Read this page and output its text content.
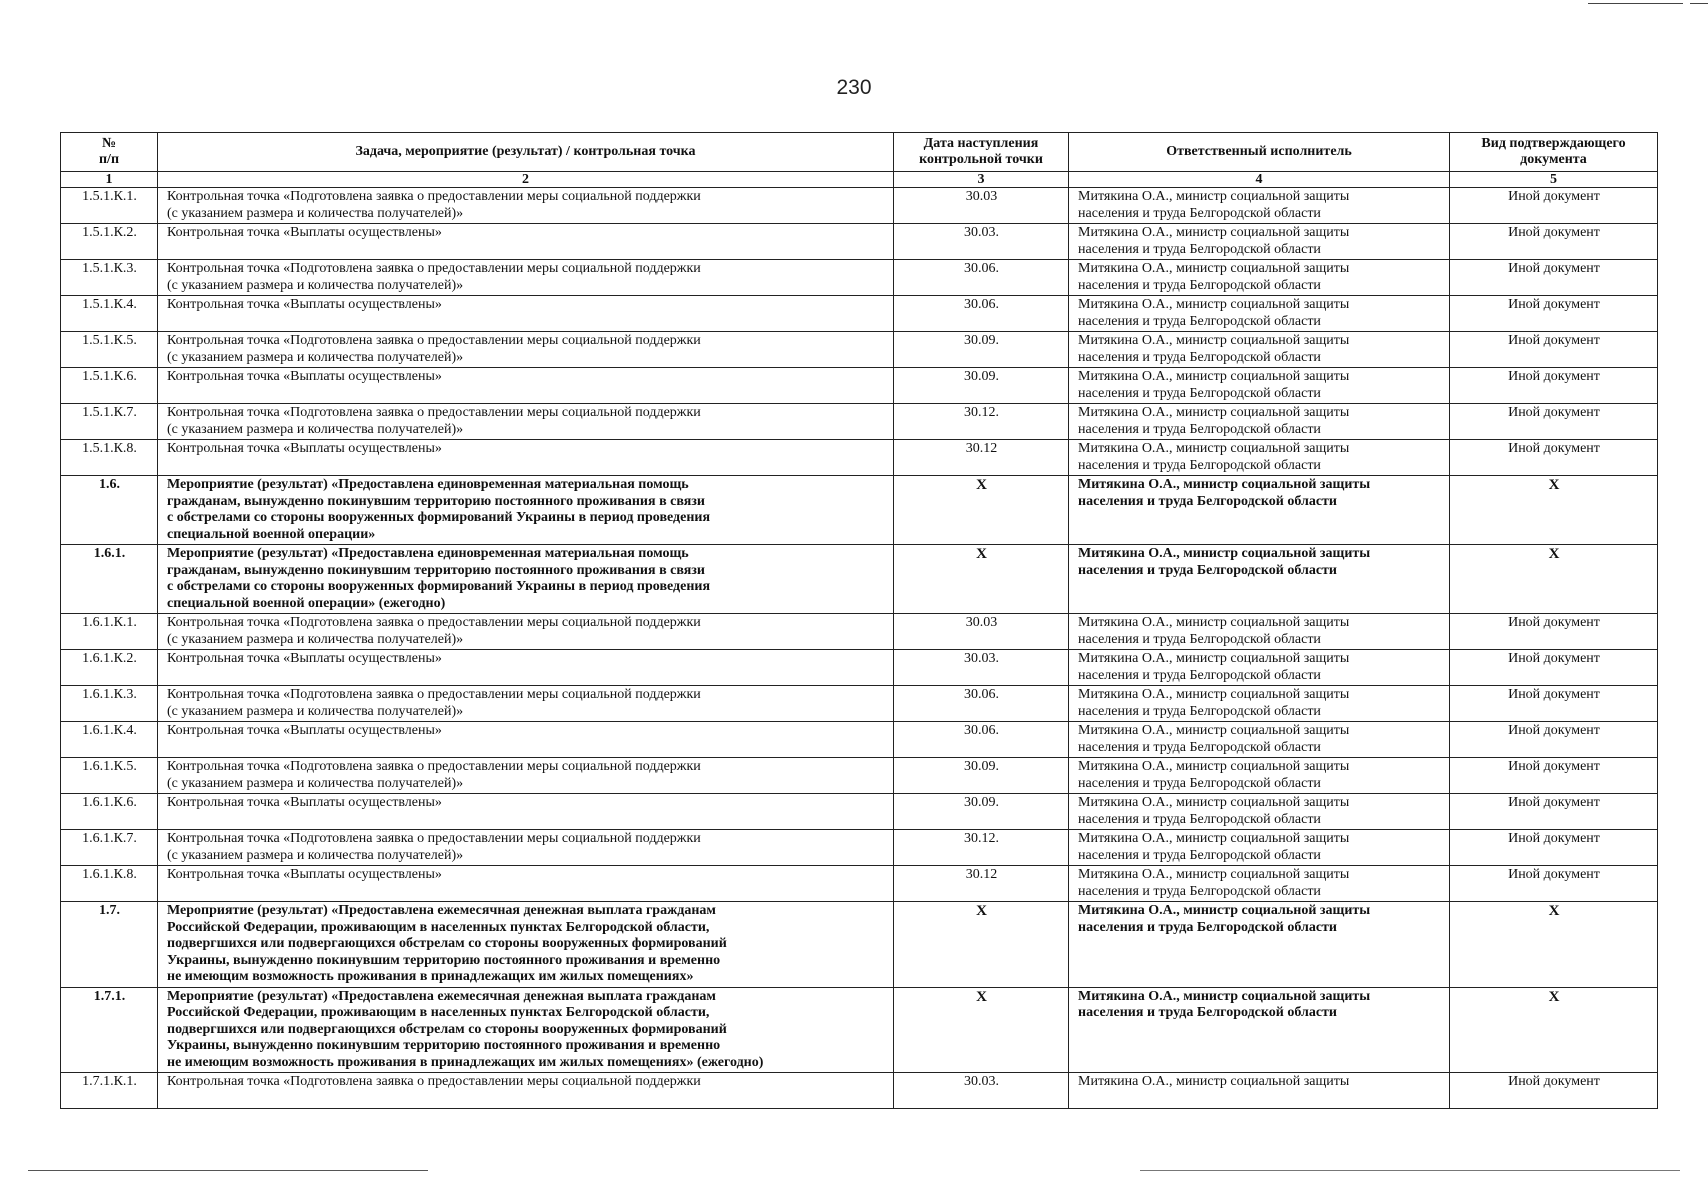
230
№
п/п	Задача, мероприятие (результат) / контрольная точка	Дата наступления
контрольной точки	Ответственный исполнитель	Вид подтверждающего
документа
1	2	3	4	5
1.5.1.К.1.	Контрольная точка «Подготовлена заявка о предоставлении меры социальной поддержки
(с указанием размера и количества получателей)»	30.03	Митякина О.А., министр социальной защиты
населения и труда Белгородской области	Иной документ
1.5.1.К.2.	Контрольная точка «Выплаты осуществлены»	30.03.	Митякина О.А., министр социальной защиты
населения и труда Белгородской области	Иной документ
1.5.1.К.3.	Контрольная точка «Подготовлена заявка о предоставлении меры социальной поддержки
(с указанием размера и количества получателей)»	30.06.	Митякина О.А., министр социальной защиты
населения и труда Белгородской области	Иной документ
1.5.1.К.4.	Контрольная точка «Выплаты осуществлены»	30.06.	Митякина О.А., министр социальной защиты
населения и труда Белгородской области	Иной документ
1.5.1.К.5.	Контрольная точка «Подготовлена заявка о предоставлении меры социальной поддержки
(с указанием размера и количества получателей)»	30.09.	Митякина О.А., министр социальной защиты
населения и труда Белгородской области	Иной документ
1.5.1.К.6.	Контрольная точка «Выплаты осуществлены»	30.09.	Митякина О.А., министр социальной защиты
населения и труда Белгородской области	Иной документ
1.5.1.К.7.	Контрольная точка «Подготовлена заявка о предоставлении меры социальной поддержки
(с указанием размера и количества получателей)»	30.12.	Митякина О.А., министр социальной защиты
населения и труда Белгородской области	Иной документ
1.5.1.К.8.	Контрольная точка «Выплаты осуществлены»	30.12	Митякина О.А., министр социальной защиты
населения и труда Белгородской области	Иной документ
1.6.	Мероприятие (результат) «Предоставлена единовременная материальная помощь
гражданам, вынужденно покинувшим территорию постоянного проживания в связи
с обстрелами со стороны вооруженных формирований Украины в период проведения
специальной военной операции»	Х	Митякина О.А., министр социальной защиты
населения и труда Белгородской области	Х
1.6.1.	Мероприятие (результат) «Предоставлена единовременная материальная помощь
гражданам, вынужденно покинувшим территорию постоянного проживания в связи
с обстрелами со стороны вооруженных формирований Украины в период проведения
специальной военной операции» (ежегодно)	Х	Митякина О.А., министр социальной защиты
населения и труда Белгородской области	Х
1.6.1.К.1.	Контрольная точка «Подготовлена заявка о предоставлении меры социальной поддержки
(с указанием размера и количества получателей)»	30.03	Митякина О.А., министр социальной защиты
населения и труда Белгородской области	Иной документ
1.6.1.К.2.	Контрольная точка «Выплаты осуществлены»	30.03.	Митякина О.А., министр социальной защиты
населения и труда Белгородской области	Иной документ
1.6.1.К.3.	Контрольная точка «Подготовлена заявка о предоставлении меры социальной поддержки
(с указанием размера и количества получателей)»	30.06.	Митякина О.А., министр социальной защиты
населения и труда Белгородской области	Иной документ
1.6.1.К.4.	Контрольная точка «Выплаты осуществлены»	30.06.	Митякина О.А., министр социальной защиты
населения и труда Белгородской области	Иной документ
1.6.1.К.5.	Контрольная точка «Подготовлена заявка о предоставлении меры социальной поддержки
(с указанием размера и количества получателей)»	30.09.	Митякина О.А., министр социальной защиты
населения и труда Белгородской области	Иной документ
1.6.1.К.6.	Контрольная точка «Выплаты осуществлены»	30.09.	Митякина О.А., министр социальной защиты
населения и труда Белгородской области	Иной документ
1.6.1.К.7.	Контрольная точка «Подготовлена заявка о предоставлении меры социальной поддержки
(с указанием размера и количества получателей)»	30.12.	Митякина О.А., министр социальной защиты
населения и труда Белгородской области	Иной документ
1.6.1.К.8.	Контрольная точка «Выплаты осуществлены»	30.12	Митякина О.А., министр социальной защиты
населения и труда Белгородской области	Иной документ
1.7.	Мероприятие (результат) «Предоставлена ежемесячная денежная выплата гражданам
Российской Федерации, проживающим в населенных пунктах Белгородской области,
подвергшихся или подвергающихся обстрелам со стороны вооруженных формирований
Украины, вынужденно покинувшим территорию постоянного проживания и временно
не имеющим возможность проживания в принадлежащих им жилых помещениях»	Х	Митякина О.А., министр социальной защиты
населения и труда Белгородской области	Х
1.7.1.	Мероприятие (результат) «Предоставлена ежемесячная денежная выплата гражданам
Российской Федерации, проживающим в населенных пунктах Белгородской области,
подвергшихся или подвергающихся обстрелам со стороны вооруженных формирований
Украины, вынужденно покинувшим территорию постоянного проживания и временно
не имеющим возможность проживания в принадлежащих им жилых помещениях» (ежегодно)	Х	Митякина О.А., министр социальной защиты
населения и труда Белгородской области	Х
1.7.1.К.1.	Контрольная точка «Подготовлена заявка о предоставлении меры социальной поддержки	30.03.	Митякина О.А., министр социальной защиты	Иной документ
